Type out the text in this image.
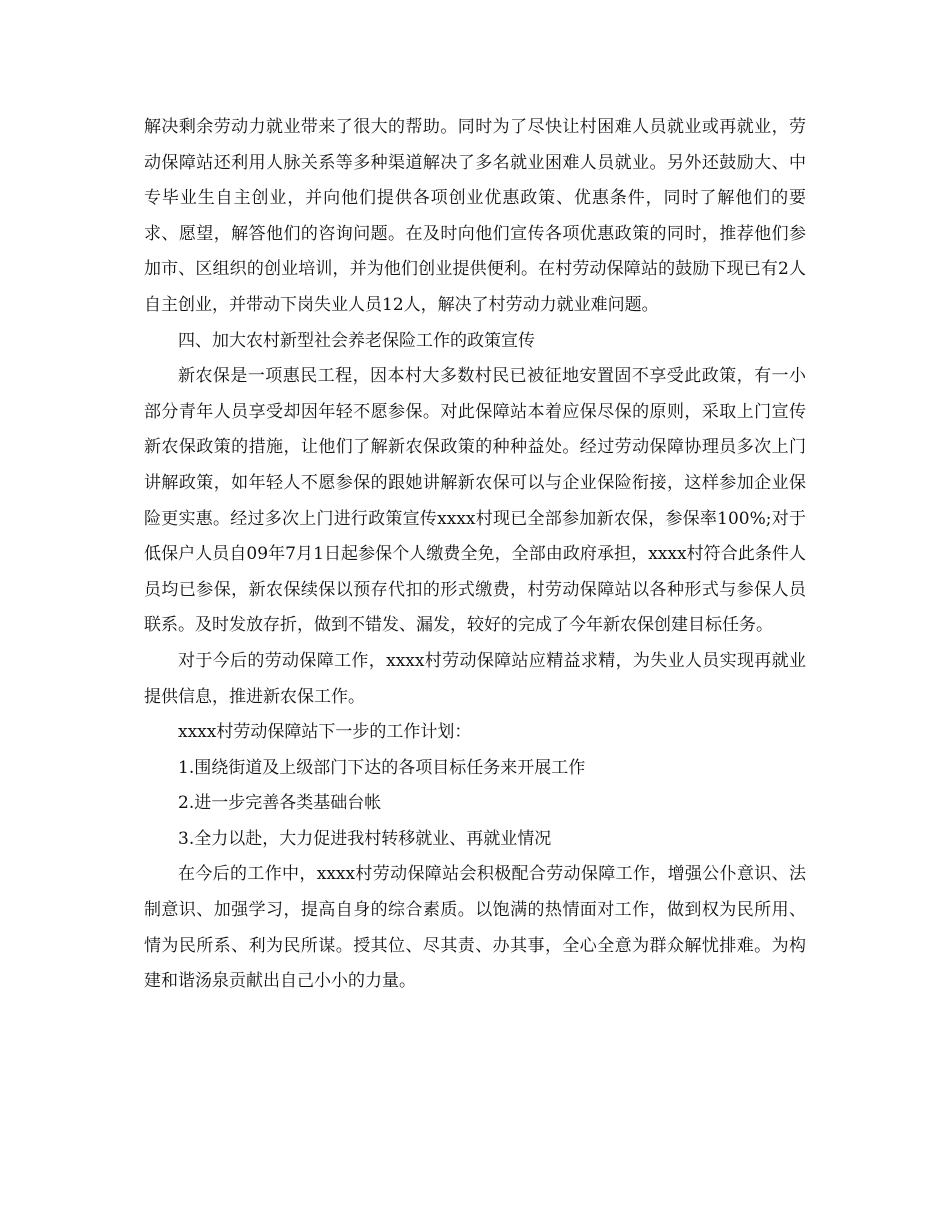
解决剩余劳动力就业带来了很大的帮助。同时为了尽快让村困难人员就业或再就业，劳动保障站还利用人脉关系等多种渠道解决了多名就业困难人员就业。另外还鼓励大、中专毕业生自主创业，并向他们提供各项创业优惠政策、优惠条件，同时了解他们的要求、愿望，解答他们的咨询问题。在及时向他们宣传各项优惠政策的同时，推荐他们参加市、区组织的创业培训，并为他们创业提供便利。在村劳动保障站的鼓励下现已有2人自主创业，并带动下岗失业人员12人，解决了村劳动力就业难问题。

四、加大农村新型社会养老保险工作的政策宣传

新农保是一项惠民工程，因本村大多数村民已被征地安置固不享受此政策，有一小部分青年人员享受却因年轻不愿参保。对此保障站本着应保尽保的原则，采取上门宣传新农保政策的措施，让他们了解新农保政策的种种益处。经过劳动保障协理员多次上门讲解政策，如年轻人不愿参保的跟她讲解新农保可以与企业保险衔接，这样参加企业保险更实惠。经过多次上门进行政策宣传xxxx村现已全部参加新农保，参保率100%;对于低保户人员自09年7月1日起参保个人缴费全免，全部由政府承担，xxxx村符合此条件人员均已参保，新农保续保以预存代扣的形式缴费，村劳动保障站以各种形式与参保人员联系。及时发放存折，做到不错发、漏发，较好的完成了今年新农保创建目标任务。

对于今后的劳动保障工作，xxxx村劳动保障站应精益求精，为失业人员实现再就业提供信息，推进新农保工作。

xxxx村劳动保障站下一步的工作计划：

1.围绕街道及上级部门下达的各项目标任务来开展工作

2.进一步完善各类基础台帐

3.全力以赴，大力促进我村转移就业、再就业情况

在今后的工作中，xxxx村劳动保障站会积极配合劳动保障工作，增强公仆意识、法制意识、加强学习，提高自身的综合素质。以饱满的热情面对工作，做到权为民所用、情为民所系、利为民所谋。授其位、尽其责、办其事，全心全意为群众解忧排难。为构建和谐汤泉贡献出自己小小的力量。
